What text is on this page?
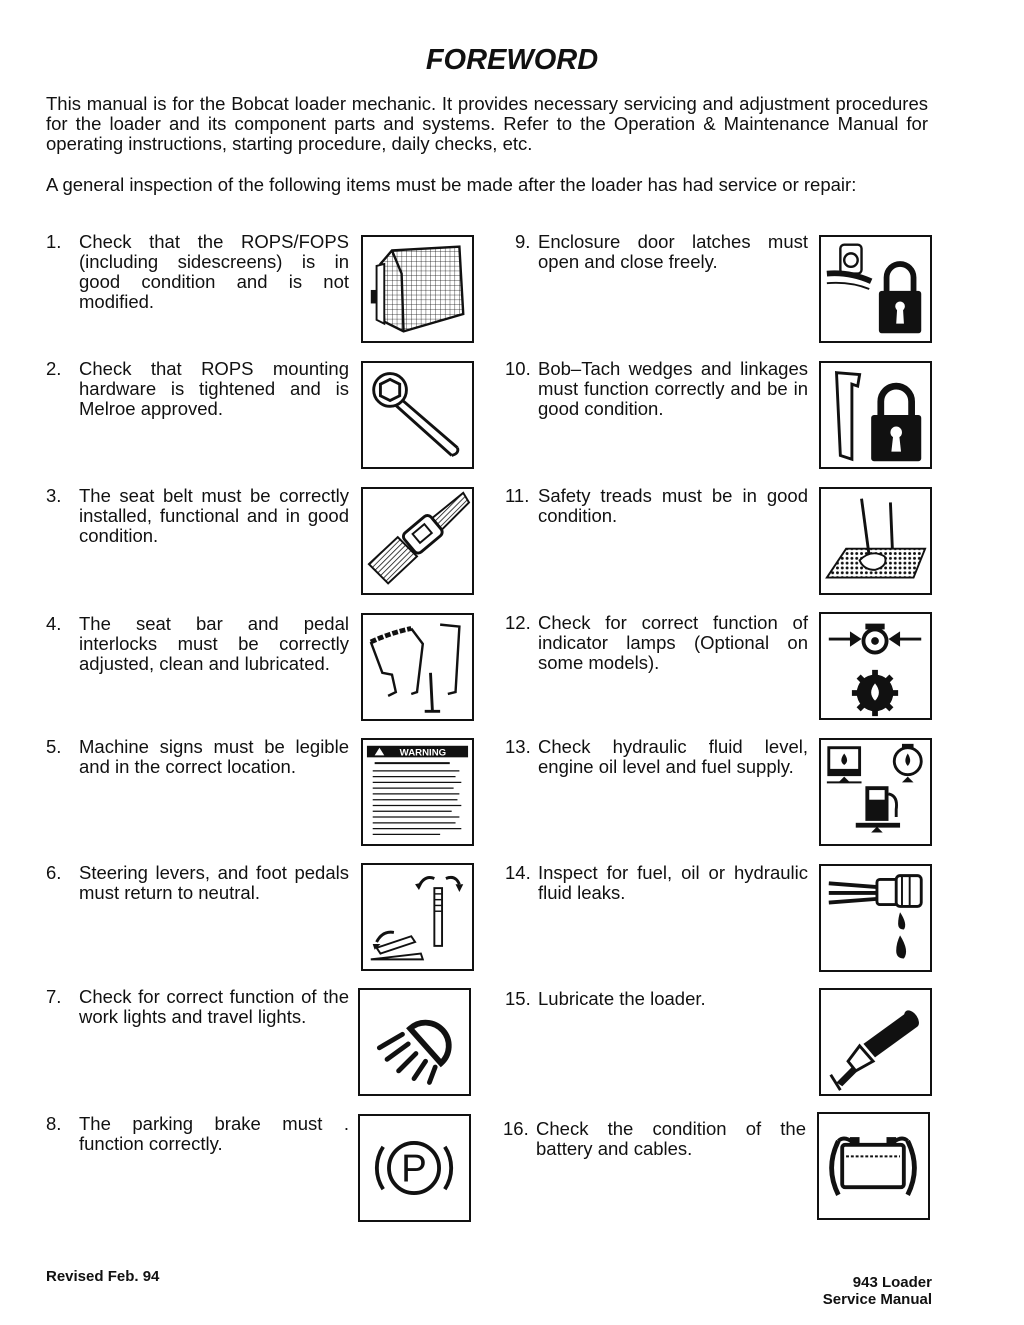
FOREWORD
This manual is for the Bobcat loader mechanic. It provides necessary servicing and adjustment procedures for the loader and its component parts and systems. Refer to the Operation & Maintenance Manual for operating instructions, starting procedure, daily checks, etc.
A general inspection of the following items must be made after the loader has had service or repair:
1. Check that the ROPS/FOPS (including sidescreens) is in good condition and is not modified.
2. Check that ROPS mounting hardware is tightened and is Melroe approved.
3. The seat belt must be correctly installed, functional and in good condition.
4. The seat bar and pedal interlocks must be correctly adjusted, clean and lubricated.
5. Machine signs must be legible and in the correct location.
6. Steering levers, and foot pedals must return to neutral.
7. Check for correct function of the work lights and travel lights.
8. The parking brake must . function correctly.
9. Enclosure door latches must open and close freely.
10. Bob–Tach wedges and linkages must function correctly and be in good condition.
11. Safety treads must be in good condition.
12. Check for correct function of indicator lamps (Optional on some models).
13. Check hydraulic fluid level, engine oil level and fuel supply.
14. Inspect for fuel, oil or hydraulic fluid leaks.
15. Lubricate the loader.
16. Check the condition of the battery and cables.
WARNING
P
Revised Feb. 94	943 Loader
Service Manual
